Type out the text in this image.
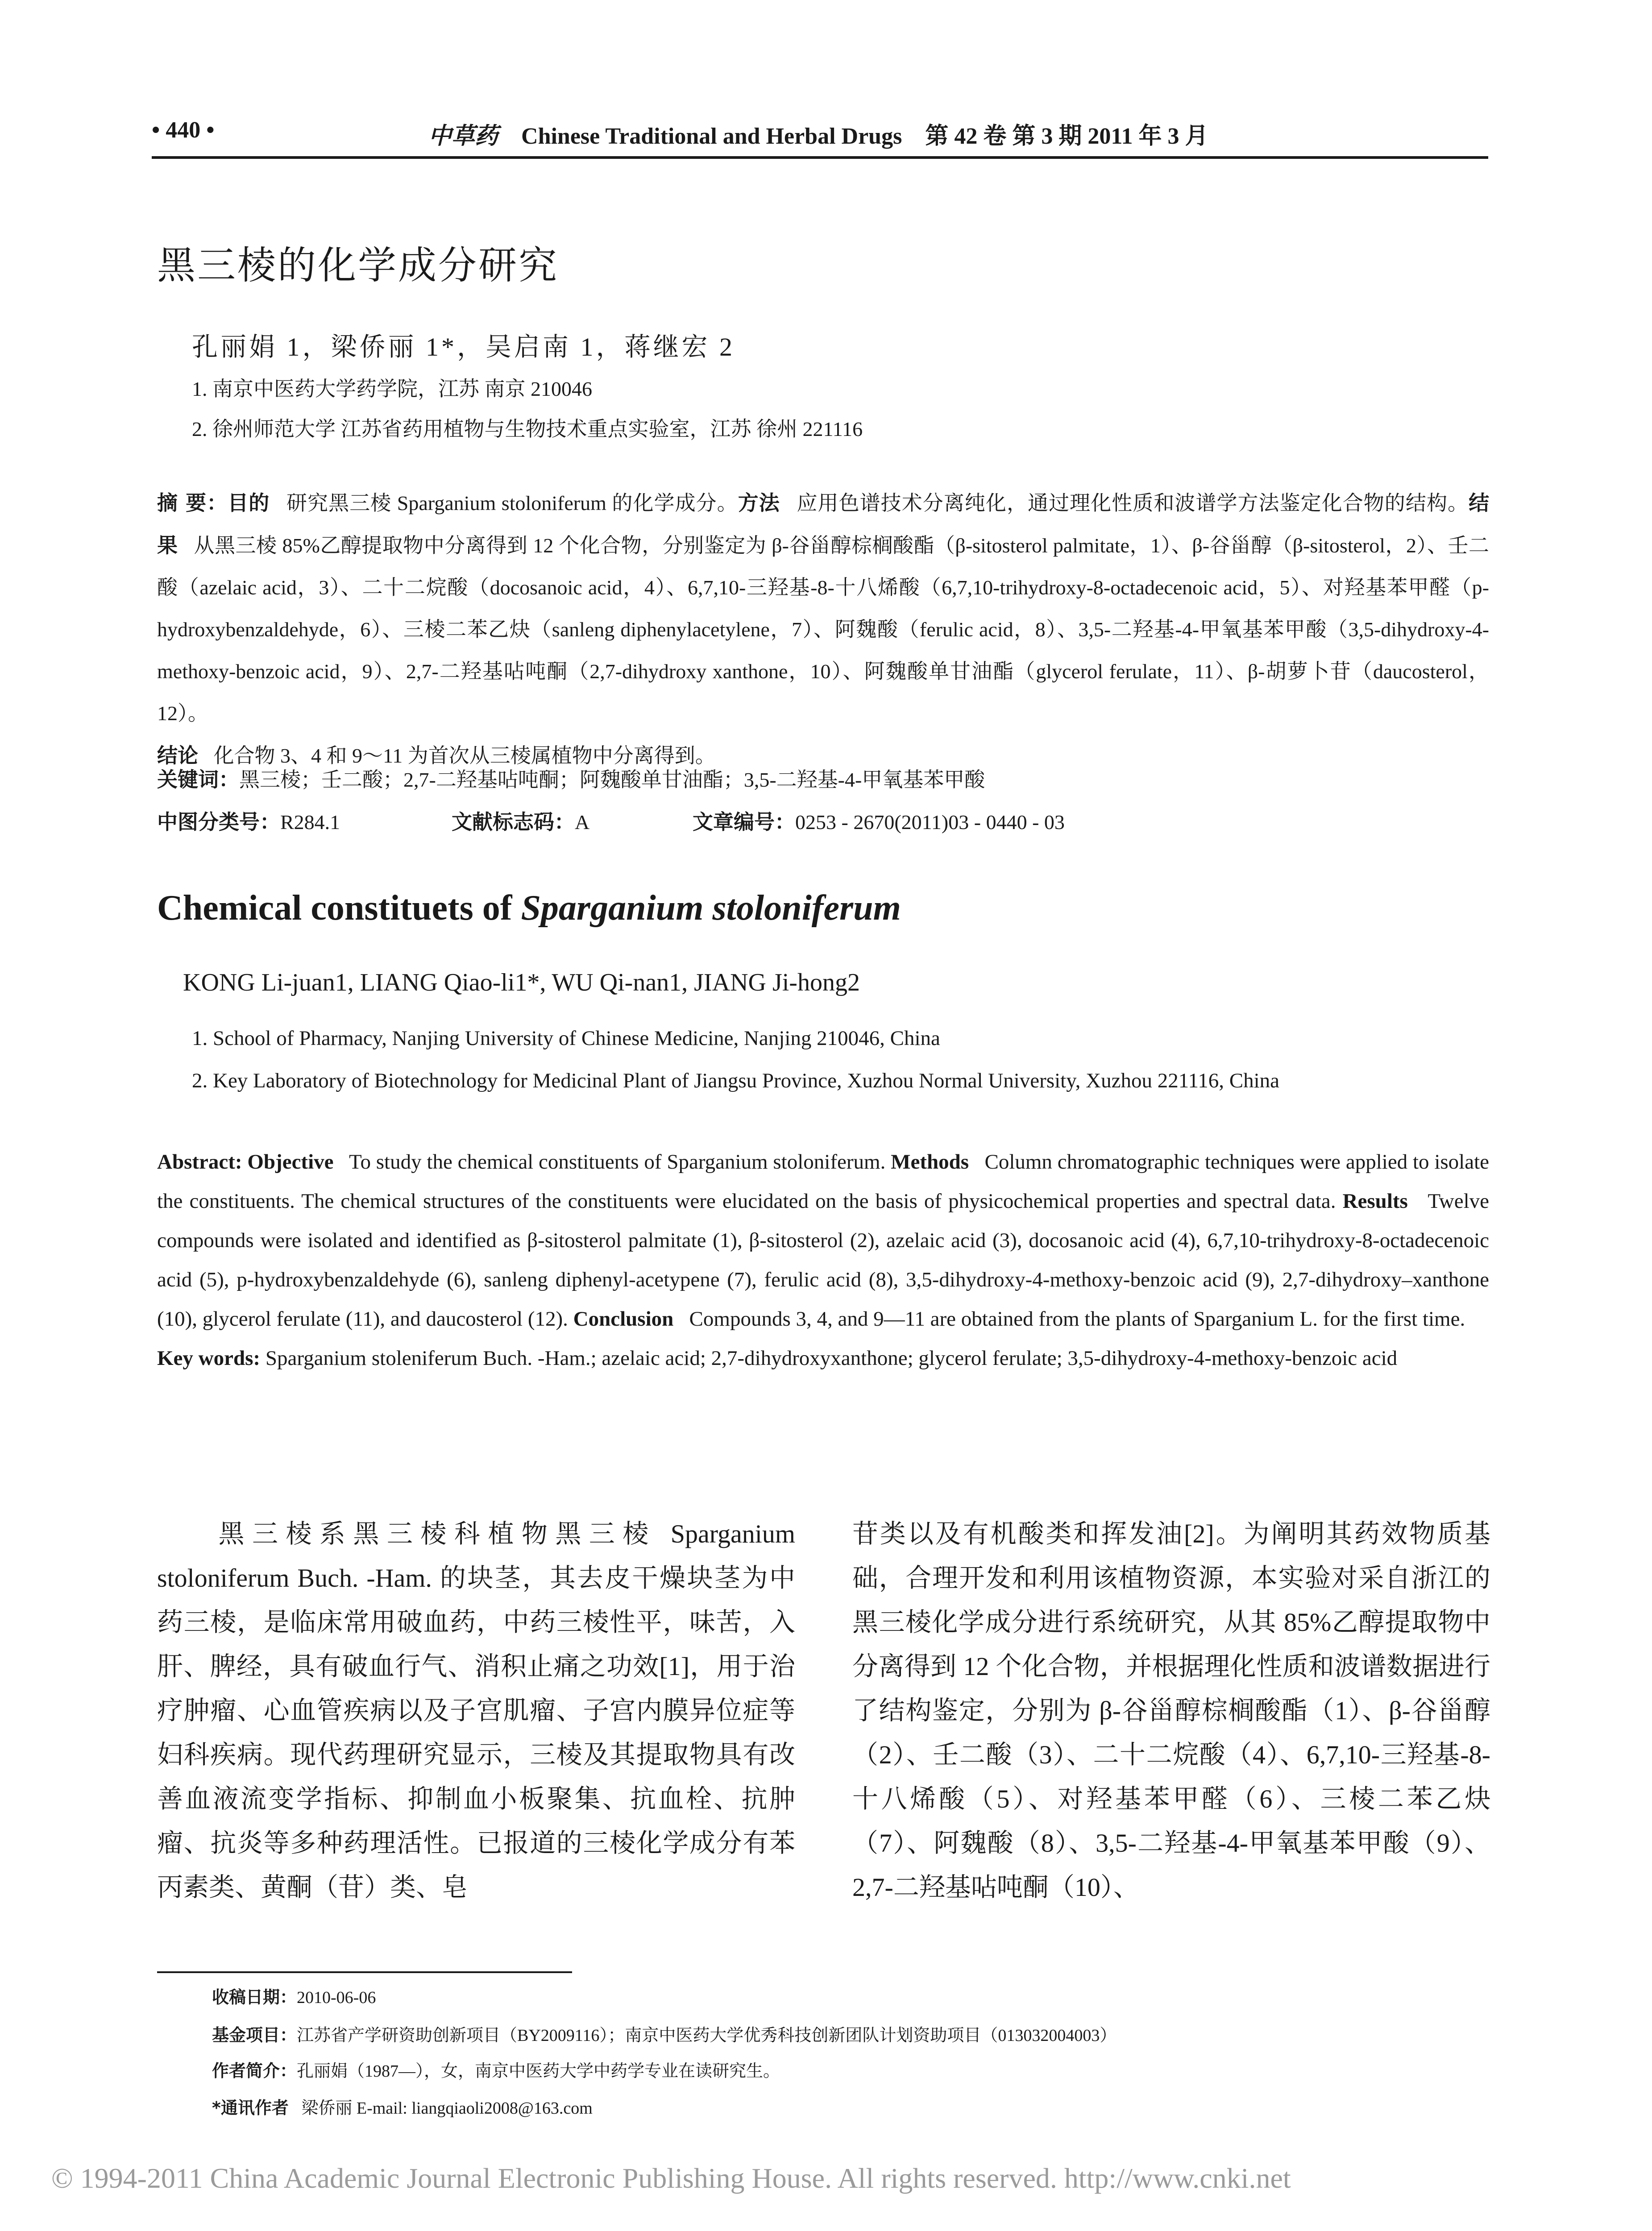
• 440 •	中草药 Chinese Traditional and Herbal Drugs 第 42 卷 第 3 期 2011 年 3 月
黑三棱的化学成分研究
孔丽娟 1，梁侨丽 1*，吴启南 1，蒋继宏 2
1. 南京中医药大学药学院，江苏 南京 210046
2. 徐州师范大学 江苏省药用植物与生物技术重点实验室，江苏 徐州 221116
摘 要：目的 研究黑三棱 Sparganium stoloniferum 的化学成分。方法 应用色谱技术分离纯化，通过理化性质和波谱学方法鉴定化合物的结构。结果 从黑三棱 85%乙醇提取物中分离得到 12 个化合物，分别鉴定为 β-谷甾醇棕榈酸酯（β-sitosterol palmitate，1）、β-谷甾醇（β-sitosterol，2）、壬二酸（azelaic acid，3）、二十二烷酸（docosanoic acid，4）、6,7,10-三羟基-8-十八烯酸（6,7,10-trihydroxy-8-octadecenoic acid，5）、对羟基苯甲醛（p-hydroxybenzaldehyde，6）、三棱二苯乙炔（sanleng diphenylacetylene，7）、阿魏酸（ferulic acid，8）、3,5-二羟基-4-甲氧基苯甲酸（3,5-dihydroxy-4-methoxy-benzoic acid，9）、2,7-二羟基呫吨酮（2,7-dihydroxy xanthone，10）、阿魏酸单甘油酯（glycerol ferulate，11）、β-胡萝卜苷（daucosterol，12）。
结论 化合物 3、4 和 9～11 为首次从三棱属植物中分离得到。
关键词：黑三棱；壬二酸；2,7-二羟基呫吨酮；阿魏酸单甘油酯；3,5-二羟基-4-甲氧基苯甲酸
中图分类号：R284.1	文献标志码：A	文章编号：0253 - 2670(2011)03 - 0440 - 03
Chemical constituets of Sparganium stoloniferum
KONG Li-juan1, LIANG Qiao-li1*, WU Qi-nan1, JIANG Ji-hong2
1. School of Pharmacy, Nanjing University of Chinese Medicine, Nanjing 210046, China
2. Key Laboratory of Biotechnology for Medicinal Plant of Jiangsu Province, Xuzhou Normal University, Xuzhou 221116, China
Abstract: Objective To study the chemical constituents of Sparganium stoloniferum. Methods Column chromatographic techniques were applied to isolate the constituents. The chemical structures of the constituents were elucidated on the basis of physicochemical properties and spectral data. Results Twelve compounds were isolated and identified as β-sitosterol palmitate (1), β-sitosterol (2), azelaic acid (3), docosanoic acid (4), 6,7,10-trihydroxy-8-octadecenoic acid (5), p-hydroxybenzaldehyde (6), sanleng diphenyl-acetypene (7), ferulic acid (8), 3,5-dihydroxy-4-methoxy-benzoic acid (9), 2,7-dihydroxy–xanthone (10), glycerol ferulate (11), and daucosterol (12). Conclusion Compounds 3, 4, and 9—11 are obtained from the plants of Sparganium L. for the first time.
Key words: Sparganium stoleniferum Buch. -Ham.; azelaic acid; 2,7-dihydroxyxanthone; glycerol ferulate; 3,5-dihydroxy-4-methoxy-benzoic acid
黑三棱系黑三棱科植物黑三棱 Sparganium stoloniferum Buch. -Ham. 的块茎，其去皮干燥块茎为中药三棱，是临床常用破血药，中药三棱性平，味苦，入肝、脾经，具有破血行气、消积止痛之功效[1]，用于治疗肿瘤、心血管疾病以及子宫肌瘤、子宫内膜异位症等妇科疾病。现代药理研究显示，三棱及其提取物具有改善血液流变学指标、抑制血小板聚集、抗血栓、抗肿瘤、抗炎等多种药理活性。已报道的三棱化学成分有苯丙素类、黄酮（苷）类、皂
苷类以及有机酸类和挥发油[2]。为阐明其药效物质基础，合理开发和利用该植物资源，本实验对采自浙江的黑三棱化学成分进行系统研究，从其 85%乙醇提取物中分离得到 12 个化合物，并根据理化性质和波谱数据进行了结构鉴定，分别为 β-谷甾醇棕榈酸酯（1）、β-谷甾醇（2）、壬二酸（3）、二十二烷酸（4）、6,7,10-三羟基-8-十八烯酸（5）、对羟基苯甲醛（6）、三棱二苯乙炔（7）、阿魏酸（8）、3,5-二羟基-4-甲氧基苯甲酸（9）、2,7-二羟基呫吨酮（10）、
收稿日期：2010-06-06
基金项目：江苏省产学研资助创新项目（BY2009116）；南京中医药大学优秀科技创新团队计划资助项目（013032004003）
作者简介：孔丽娟（1987—），女，南京中医药大学中药学专业在读研究生。
*通讯作者 梁侨丽 E-mail: liangqiaoli2008@163.com
© 1994-2011 China Academic Journal Electronic Publishing House. All rights reserved. http://www.cnki.net
